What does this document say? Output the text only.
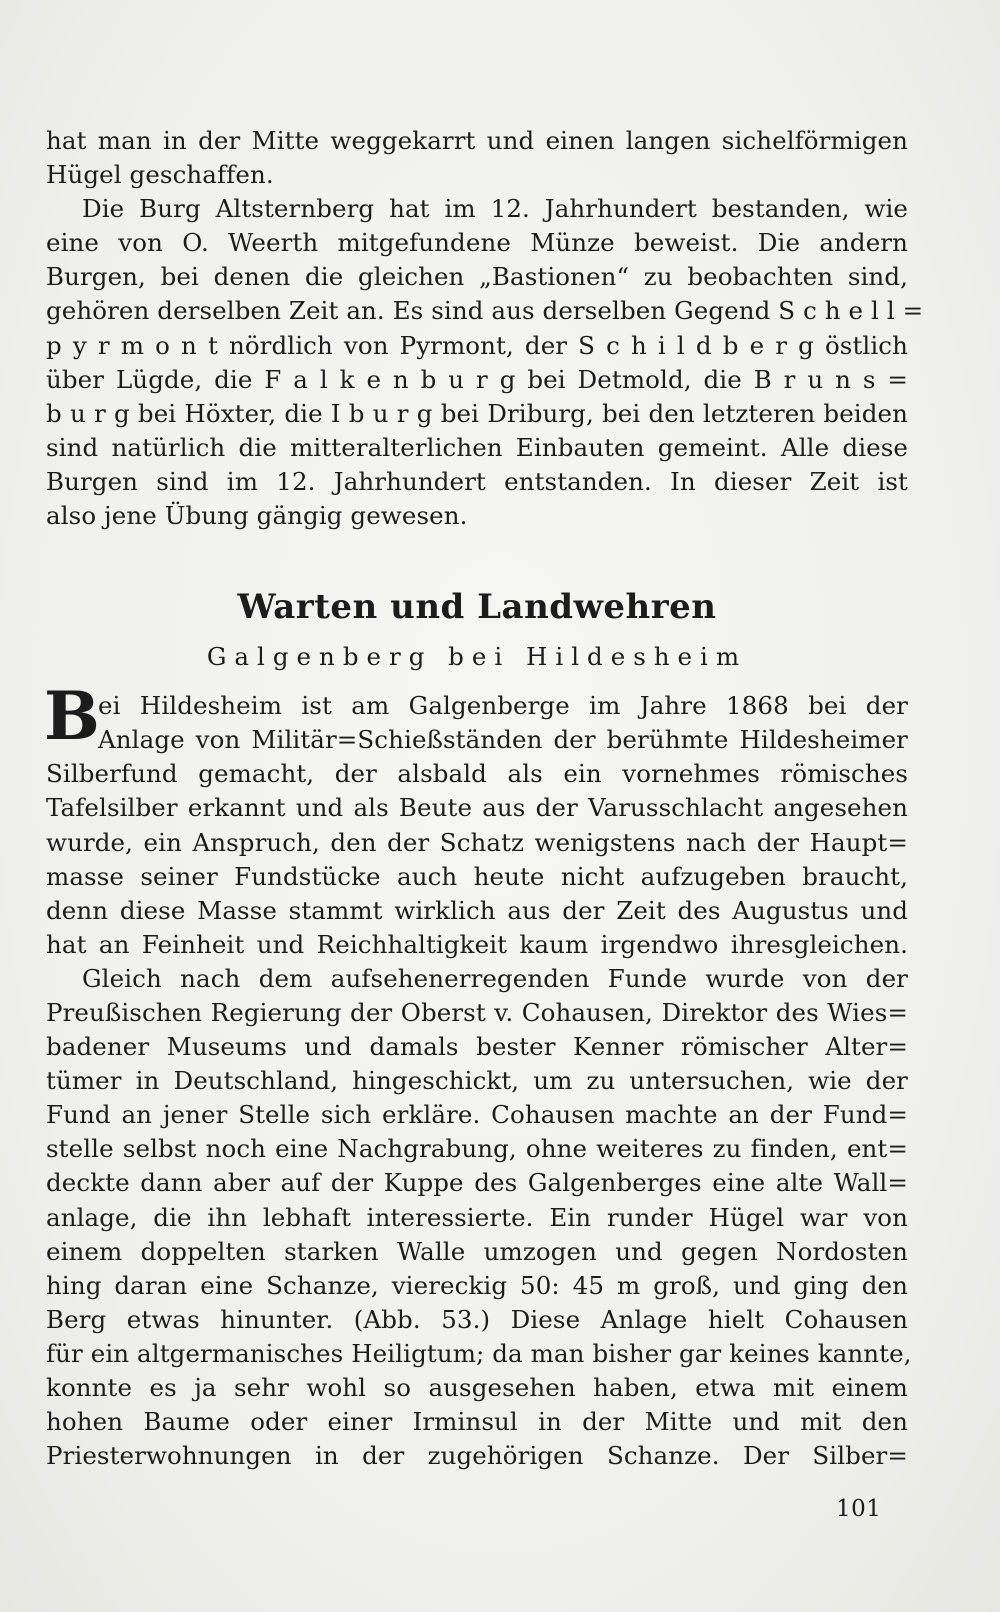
hat man in der Mitte weggekarrt und einen langen sichelförmigen
Hügel geschaffen.
Die Burg Altsternberg hat im 12. Jahrhundert bestanden, wie
eine von O. Weerth mitgefundene Münze beweist. Die andern
Burgen, bei denen die gleichen „Bastionen“ zu beobachten sind,
gehören derselben Zeit an. Es sind aus derselben Gegend S c h e l l =
p y r m o n t nördlich von Pyrmont, der S c h i l d b e r g östlich
über Lügde, die F a l k e n b u r g bei Detmold, die B r u n s =
b u r g bei Höxter, die I b u r g bei Driburg, bei den letzteren beiden
sind natürlich die mitteralterlichen Einbauten gemeint. Alle diese
Burgen sind im 12. Jahrhundert entstanden. In dieser Zeit ist
also jene Übung gängig gewesen.
Warten und Landwehren
Galgenberg bei Hildesheim
B
ei Hildesheim ist am Galgenberge im Jahre 1868 bei der
Anlage von Militär=Schießständen der berühmte Hildesheimer
Silberfund gemacht, der alsbald als ein vornehmes römisches
Tafelsilber erkannt und als Beute aus der Varusschlacht angesehen
wurde, ein Anspruch, den der Schatz wenigstens nach der Haupt=
masse seiner Fundstücke auch heute nicht aufzugeben braucht,
denn diese Masse stammt wirklich aus der Zeit des Augustus und
hat an Feinheit und Reichhaltigkeit kaum irgendwo ihresgleichen.
Gleich nach dem aufsehenerregenden Funde wurde von der
Preußischen Regierung der Oberst v. Cohausen, Direktor des Wies=
badener Museums und damals bester Kenner römischer Alter=
tümer in Deutschland, hingeschickt, um zu untersuchen, wie der
Fund an jener Stelle sich erkläre. Cohausen machte an der Fund=
stelle selbst noch eine Nachgrabung, ohne weiteres zu finden, ent=
deckte dann aber auf der Kuppe des Galgenberges eine alte Wall=
anlage, die ihn lebhaft interessierte. Ein runder Hügel war von
einem doppelten starken Walle umzogen und gegen Nordosten
hing daran eine Schanze, viereckig 50: 45 m groß, und ging den
Berg etwas hinunter. (Abb. 53.) Diese Anlage hielt Cohausen
für ein altgermanisches Heiligtum; da man bisher gar keines kannte,
konnte es ja sehr wohl so ausgesehen haben, etwa mit einem
hohen Baume oder einer Irminsul in der Mitte und mit den
Priesterwohnungen in der zugehörigen Schanze. Der Silber=
101
